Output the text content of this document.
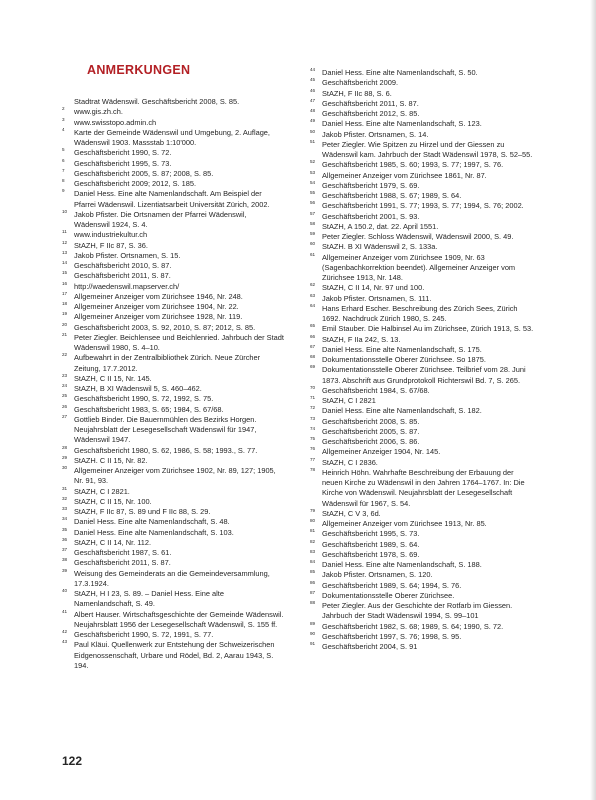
ANMERKUNGEN
Stadtrat Wädenswil. Geschäftsbericht 2008, S. 85.
2 www.gis.zh.ch.
3 www.swisstopo.admin.ch
4 Karte der Gemeinde Wädenswil und Umgebung, 2. Auflage, Wädenswil 1903. Massstab 1:10'000.
5 Geschäftsbericht 1990, S. 72.
6 Geschäftsbericht 1995, S. 73.
7 Geschäftsbericht 2005, S. 87; 2008, S. 85.
8 Geschäftsbericht 2009; 2012, S. 185.
9 Daniel Hess. Eine alte Namenlandschaft. Am Beispiel der Pfarrei Wädenswil. Lizentiatsarbeit Universität Zürich, 2002.
10 Jakob Pfister. Die Ortsnamen der Pfarrei Wädenswil, Wädenswil 1924, S. 4.
11 www.industriekultur.ch
12 StAZH, F IIc 87, S. 36.
13 Jakob Pfister. Ortsnamen, S. 15.
14 Geschäftsbericht 2010, S. 87.
15 Geschäftsbericht 2011, S. 87.
16 http://waedenswil.mapserver.ch/
17 Allgemeiner Anzeiger vom Zürichsee 1946, Nr. 248.
18 Allgemeiner Anzeiger vom Zürichsee 1904, Nr. 22.
19 Allgemeiner Anzeiger vom Zürichsee 1928, Nr. 119.
20 Geschäftsbericht 2003, S. 92, 2010, S. 87; 2012, S. 85.
21 Peter Ziegler. Beichlensee und Beichlenried. Jahrbuch der Stadt Wädenswil 1980, S. 4–10.
22 Aufbewahrt in der Zentralbibliothek Zürich. Neue Zürcher Zeitung, 17.7.2012.
23 StAZH, C II 15, Nr. 145.
24 StAZH, B XI Wädenswil 5, S. 460–462.
25 Geschäftsbericht 1990, S. 72, 1992, S. 75.
26 Geschäftsbericht 1983, S. 65; 1984, S. 67/68.
27 Gottlieb Binder. Die Bauernmühlen des Bezirks Horgen. Neujahrsblatt der Lesegesellschaft Wädenswil für 1947, Wädenswil 1947.
28 Geschäftsbericht 1980, S. 62, 1986, S. 58; 1993., S. 77.
29 StAZH. C II 15, Nr. 82.
30 Allgemeiner Anzeiger vom Zürichsee 1902, Nr. 89, 127; 1905, Nr. 91, 93.
31 StAZH, C I 2821.
32 StAZH, C II 15, Nr. 100.
33 StAZH, F IIc 87, S. 89 und F IIc 88, S. 29.
34 Daniel Hess. Eine alte Namenlandschaft, S. 48.
35 Daniel Hess. Eine alte Namenlandschaft, S. 103.
36 StAZH, C II 14, Nr. 112.
37 Geschäftsbericht 1987, S. 61.
38 Geschäftsbericht 2011, S. 87.
39 Weisung des Gemeinderats an die Gemeindeversammlung, 17.3.1924.
40 StAZH, H I 23, S. 89. – Daniel Hess. Eine alte Namenlandschaft, S. 49.
41 Albert Hauser. Wirtschaftsgeschichte der Gemeinde Wädenswil. Neujahrsblatt 1956 der Lesegesellschaft Wädenswil, S. 155 ff.
42 Geschäftsbericht 1990, S. 72, 1991, S. 77.
43 Paul Kläui. Quellenwerk zur Entstehung der Schweizerischen Eidgenossenschaft, Urbare und Rödel, Bd. 2, Aarau 1943, S. 194.
44 Daniel Hess. Eine alte Namenlandschaft, S. 50.
45 Geschäftsbericht 2009.
46 StAZH, F IIc 88, S. 6.
47 Geschäftsbericht 2011, S. 87.
48 Geschäftsbericht 2012, S. 85.
49 Daniel Hess. Eine alte Namenlandschaft, S. 123.
50 Jakob Pfister. Ortsnamen, S. 14.
51 Peter Ziegler. Wie Spitzen zu Hirzel und der Giessen zu Wädenswil kam. Jahrbuch der Stadt Wädenswil 1978, S. 52–55.
52 Geschäftsbericht 1985, S. 60; 1993, S. 77; 1997, S. 76.
53 Allgemeiner Anzeiger vom Zürichsee 1861, Nr. 87.
54 Geschäftsbericht 1979, S. 69.
55 Geschäftsbericht 1988, S. 67; 1989, S. 64.
56 Geschäftsbericht 1991, S. 77; 1993, S. 77; 1994, S. 76; 2002.
57 Geschäftsbericht 2001, S. 93.
58 StAZH, A 150.2, dat. 22. April 1551.
59 Peter Ziegler. Schloss Wädenswil, Wädenswil 2000, S. 49.
60 StAZH. B XI Wädenswil 2, S. 133a.
61 Allgemeiner Anzeiger vom Zürichsee 1909, Nr. 63 (Sagenbachkorrektion beendet). Allgemeiner Anzeiger vom Zürichsee 1913, Nr. 148.
62 StAZH, C II 14, Nr. 97 und 100.
63 Jakob Pfister. Ortsnamen, S. 111.
64 Hans Erhard Escher. Beschreibung des Zürich Sees, Zürich 1692. Nachdruck Zürich 1980, S. 245.
65 Emil Stauber. Die Halbinsel Au im Zürichsee, Zürich 1913, S. 53.
66 StAZH, F IIa 242, S. 13.
67 Daniel Hess. Eine alte Namenlandschaft, S. 175.
68 Dokumentationsstelle Oberer Zürichsee. So 1875.
69 Dokumentationsstelle Oberer Zürichsee. Teilbrief vom 28. Juni 1873. Abschrift aus Grundprotokoll Richterswil Bd. 7, S. 265.
70 Geschäftsbericht 1984, S. 67/68.
71 StAZH, C I 2821
72 Daniel Hess. Eine alte Namenlandschaft, S. 182.
73 Geschäftsbericht 2008, S. 85.
74 Geschäftsbericht 2005, S. 87.
75 Geschäftsbericht 2006, S. 86.
76 Allgemeiner Anzeiger 1904, Nr. 145.
77 StAZH, C I 2836.
78 Heinrich Höhn. Wahrhafte Beschreibung der Erbauung der neuen Kirche zu Wädenswil in den Jahren 1764–1767. In: Die Kirche von Wädenswil. Neujahrsblatt der Lesegesellschaft Wädenswil für 1967, S. 54.
79 StAZH, C V 3, 6d.
80 Allgemeiner Anzeiger vom Zürichsee 1913, Nr. 85.
81 Geschäftsbericht 1995, S. 73.
82 Geschäftsbericht 1989, S. 64.
83 Geschäftsbericht 1978, S. 69.
84 Daniel Hess. Eine alte Namenlandschaft, S. 188.
85 Jakob Pfister. Ortsnamen, S. 120.
86 Geschäftsbericht 1989, S. 64; 1994, S. 76.
87 Dokumentationsstelle Oberer Zürichsee.
88 Peter Ziegler. Aus der Geschichte der Rotfarb im Giessen. Jahrbuch der Stadt Wädenswil 1994, S. 99–101
89 Geschäftsbericht 1982, S. 68; 1989, S. 64; 1990, S. 72.
90 Geschäftsbericht 1997, S. 76; 1998, S. 95.
91 Geschäftsbericht 2004, S. 91
122
